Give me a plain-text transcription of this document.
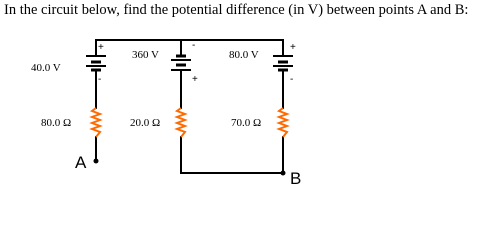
In the circuit below, find the potential difference (in V) between points A and B:
+
-
-
+
+
-
40.0 V
360 V	80.0 V
80.0 Ω	20.0 Ω	70.0 Ω
A
B
